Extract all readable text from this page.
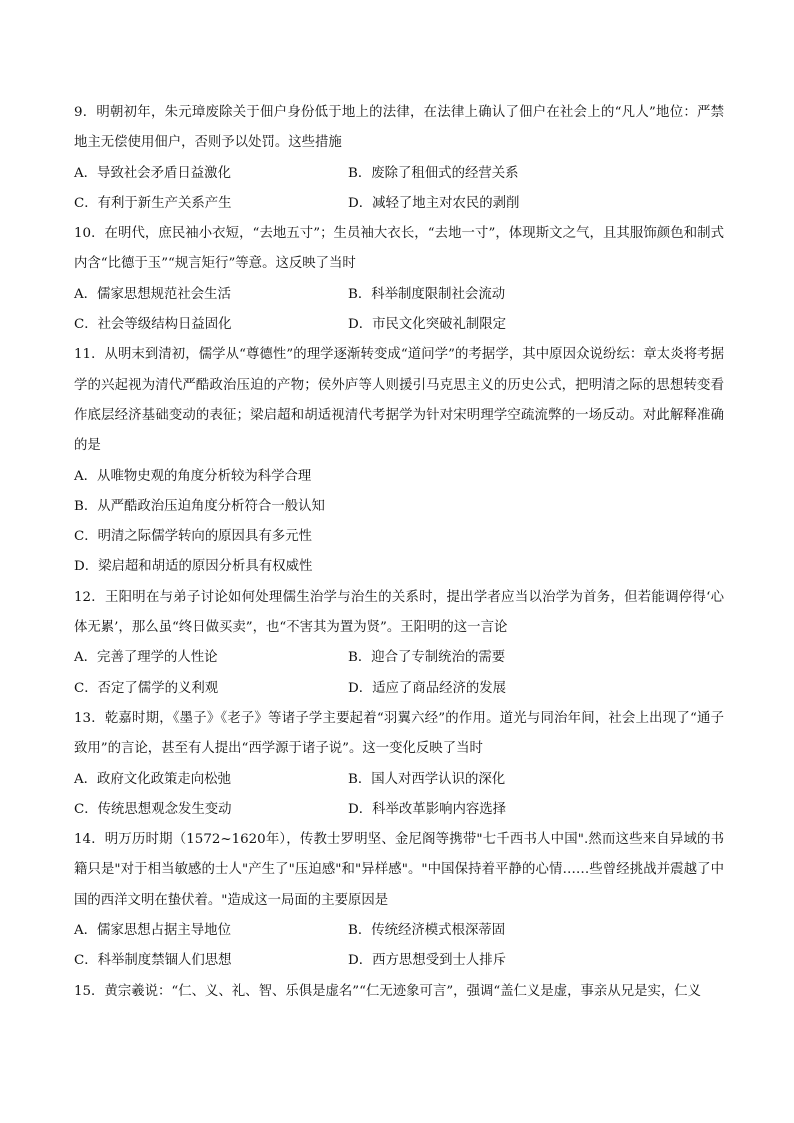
9．明朝初年，朱元璋废除关于佃户身份低于地上的法律，在法律上确认了佃户在社会上的“凡人”地位：严禁地主无偿使用佃户，否则予以处罚。这些措施

A．导致社会矛盾日益激化	B．废除了租佃式的经营关系
C．有利于新生产关系产生	D．减轻了地主对农民的剥削

10．在明代，庶民袖小衣短，“去地五寸”；生员袖大衣长，“去地一寸”，体现斯文之气，且其服饰颜色和制式内含“比德于玉”“规言矩行”等意。这反映了当时

A．儒家思想规范社会生活	B．科举制度限制社会流动
C．社会等级结构日益固化	D．市民文化突破礼制限定

11．从明末到清初，儒学从“尊德性”的理学逐渐转变成“道问学”的考据学，其中原因众说纷纭：章太炎将考据学的兴起视为清代严酷政治压迫的产物；侯外庐等人则援引马克思主义的历史公式，把明清之际的思想转变看作底层经济基础变动的表征；梁启超和胡适视清代考据学为针对宋明理学空疏流弊的一场反动。对此解释准确的是

A．从唯物史观的角度分析较为科学合理
B．从严酷政治压迫角度分析符合一般认知
C．明清之际儒学转向的原因具有多元性
D．梁启超和胡适的原因分析具有权威性

12．王阳明在与弟子讨论如何处理儒生治学与治生的关系时，提出学者应当以治学为首务，但若能调停得‘心体无累’，那么虽“终日做买卖”，也“不害其为置为贤”。王阳明的这一言论

A．完善了理学的人性论	B．迎合了专制统治的需要
C．否定了儒学的义利观	D．适应了商品经济的发展

13．乾嘉时期，《墨子》《老子》等诸子学主要起着“羽翼六经”的作用。道光与同治年间，社会上出现了“通子致用”的言论，甚至有人提出“西学源于诸子说”。这一变化反映了当时

A．政府文化政策走向松弛	B．国人对西学认识的深化
C．传统思想观念发生变动	D．科举改革影响内容选择

14．明万历时期（1572~1620年），传教士罗明坚、金尼阁等携带"七千西书人中国".然而这些来自异域的书籍只是"对于相当敏感的士人"产生了"压迫感"和"异样感"。"中国保持着平静的心情……些曾经挑战并震越了中国的西洋文明在蛰伏着。"造成这一局面的主要原因是

A．儒家思想占据主导地位	B．传统经济模式根深蒂固
C．科举制度禁锢人们思想	D．西方思想受到士人排斥

15．黄宗羲说：“仁、义、礼、智、乐俱是虚名”“仁无迹象可言”，强调“盖仁义是虚，事亲从兄是实，仁义
